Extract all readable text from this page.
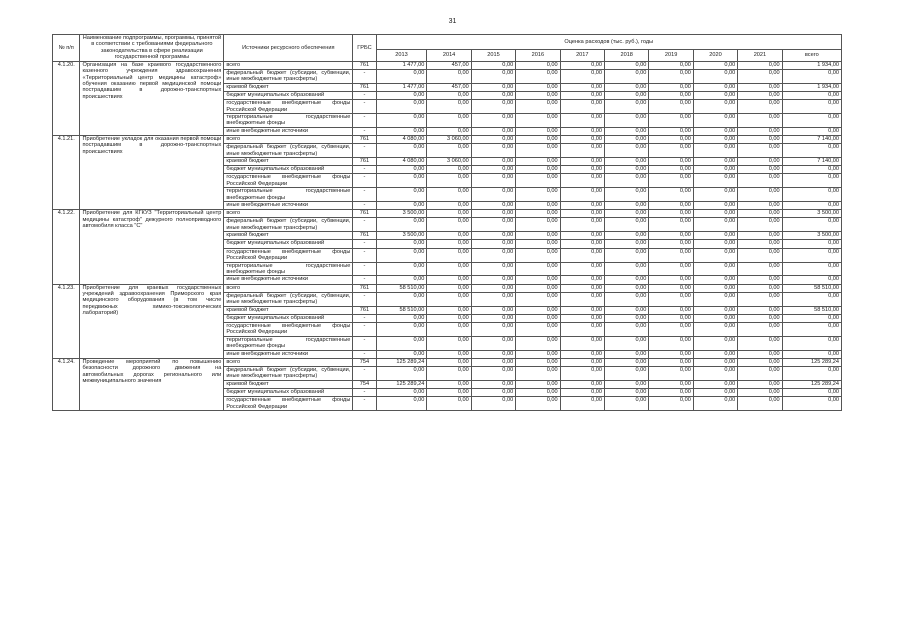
31
№ п/п	Наименование подпрограммы, программы, принятой в соответствии с требованиями федерального законодательства в сфере реализации государственной программы	Источники ресурсного обеспечения	ГРБС	Оценка расходов (тыс. руб.), годы									
				2013	2014	2015	2016	2017	2018	2019	2020	2021	всего
4.1.20.	Организация на базе краевого государственного казенного учреждения здравоохранения «Территориальный центр медицины катастроф» обучения оказанию первой медицинской помощи пострадавшим в дорожно-транспортных происшествиях	всего	761	1 477,00	457,00	0,00	0,00	0,00	0,00	0,00	0,00	0,00	1 934,00
		федеральный бюджет (субсидии, субвенции, иные межбюджетные трансферты)	-	0,00	0,00	0,00	0,00	0,00	0,00	0,00	0,00	0,00	0,00
		краевой бюджет	761	1 477,00	457,00	0,00	0,00	0,00	0,00	0,00	0,00	0,00	1 934,00
		бюджет муниципальных образований	-	0,00	0,00	0,00	0,00	0,00	0,00	0,00	0,00	0,00	0,00
		государственные внебюджетные фонды Российской Федерации	-	0,00	0,00	0,00	0,00	0,00	0,00	0,00	0,00	0,00	0,00
		территориальные государственные внебюджетные фонды	-	0,00	0,00	0,00	0,00	0,00	0,00	0,00	0,00	0,00	0,00
		иные внебюджетные источники	-	0,00	0,00	0,00	0,00	0,00	0,00	0,00	0,00	0,00	0,00
4.1.21.	Приобретение укладок для оказания первой помощи пострадавшим в дорожно-транспортных происшествиях	всего	761	4 080,00	3 060,00	0,00	0,00	0,00	0,00	0,00	0,00	0,00	7 140,00
		федеральный бюджет (субсидии, субвенции, иные межбюджетные трансферты)	-	0,00	0,00	0,00	0,00	0,00	0,00	0,00	0,00	0,00	0,00
		краевой бюджет	761	4 080,00	3 060,00	0,00	0,00	0,00	0,00	0,00	0,00	0,00	7 140,00
		бюджет муниципальных образований	-	0,00	0,00	0,00	0,00	0,00	0,00	0,00	0,00	0,00	0,00
		государственные внебюджетные фонды Российской Федерации	-	0,00	0,00	0,00	0,00	0,00	0,00	0,00	0,00	0,00	0,00
		территориальные государственные внебюджетные фонды	-	0,00	0,00	0,00	0,00	0,00	0,00	0,00	0,00	0,00	0,00
		иные внебюджетные источники	-	0,00	0,00	0,00	0,00	0,00	0,00	0,00	0,00	0,00	0,00
4.1.22.	Приобретение для КГКУЗ "Территориальный центр медицины катастроф" дежурного полноприводного автомобиля класса "С"	всего	761	3 500,00	0,00	0,00	0,00	0,00	0,00	0,00	0,00	0,00	3 500,00
		федеральный бюджет (субсидии, субвенции, иные межбюджетные трансферты)	-	0,00	0,00	0,00	0,00	0,00	0,00	0,00	0,00	0,00	0,00
		краевой бюджет	761	3 500,00	0,00	0,00	0,00	0,00	0,00	0,00	0,00	0,00	3 500,00
		бюджет муниципальных образований	-	0,00	0,00	0,00	0,00	0,00	0,00	0,00	0,00	0,00	0,00
		государственные внебюджетные фонды Российской Федерации	-	0,00	0,00	0,00	0,00	0,00	0,00	0,00	0,00	0,00	0,00
		территориальные государственные внебюджетные фонды	-	0,00	0,00	0,00	0,00	0,00	0,00	0,00	0,00	0,00	0,00
		иные внебюджетные источники	-	0,00	0,00	0,00	0,00	0,00	0,00	0,00	0,00	0,00	0,00
4.1.23.	Приобретение для краевых государственных учреждений здравоохранения Приморского края медицинского оборудования (в том числе передвижных химико-токсикологических лабораторий)	всего	761	58 510,00	0,00	0,00	0,00	0,00	0,00	0,00	0,00	0,00	58 510,00
		федеральный бюджет (субсидии, субвенции, иные межбюджетные трансферты)	-	0,00	0,00	0,00	0,00	0,00	0,00	0,00	0,00	0,00	0,00
		краевой бюджет	761	58 510,00	0,00	0,00	0,00	0,00	0,00	0,00	0,00	0,00	58 510,00
		бюджет муниципальных образований	-	0,00	0,00	0,00	0,00	0,00	0,00	0,00	0,00	0,00	0,00
		государственные внебюджетные фонды Российской Федерации	-	0,00	0,00	0,00	0,00	0,00	0,00	0,00	0,00	0,00	0,00
		территориальные государственные внебюджетные фонды	-	0,00	0,00	0,00	0,00	0,00	0,00	0,00	0,00	0,00	0,00
		иные внебюджетные источники	-	0,00	0,00	0,00	0,00	0,00	0,00	0,00	0,00	0,00	0,00
4.1.24.	Проведение мероприятий по повышению безопасности дорожного движения на автомобильных дорогах регионального или межмуниципального значения	всего	754	125 289,24	0,00	0,00	0,00	0,00	0,00	0,00	0,00	0,00	125 289,24
		федеральный бюджет (субсидии, субвенции, иные межбюджетные трансферты)	-	0,00	0,00	0,00	0,00	0,00	0,00	0,00	0,00	0,00	0,00
		краевой бюджет	754	125 289,24	0,00	0,00	0,00	0,00	0,00	0,00	0,00	0,00	125 289,24
		бюджет муниципальных образований	-	0,00	0,00	0,00	0,00	0,00	0,00	0,00	0,00	0,00	0,00
		государственные внебюджетные фонды Российской Федерации	-	0,00	0,00	0,00	0,00	0,00	0,00	0,00	0,00	0,00	0,00
